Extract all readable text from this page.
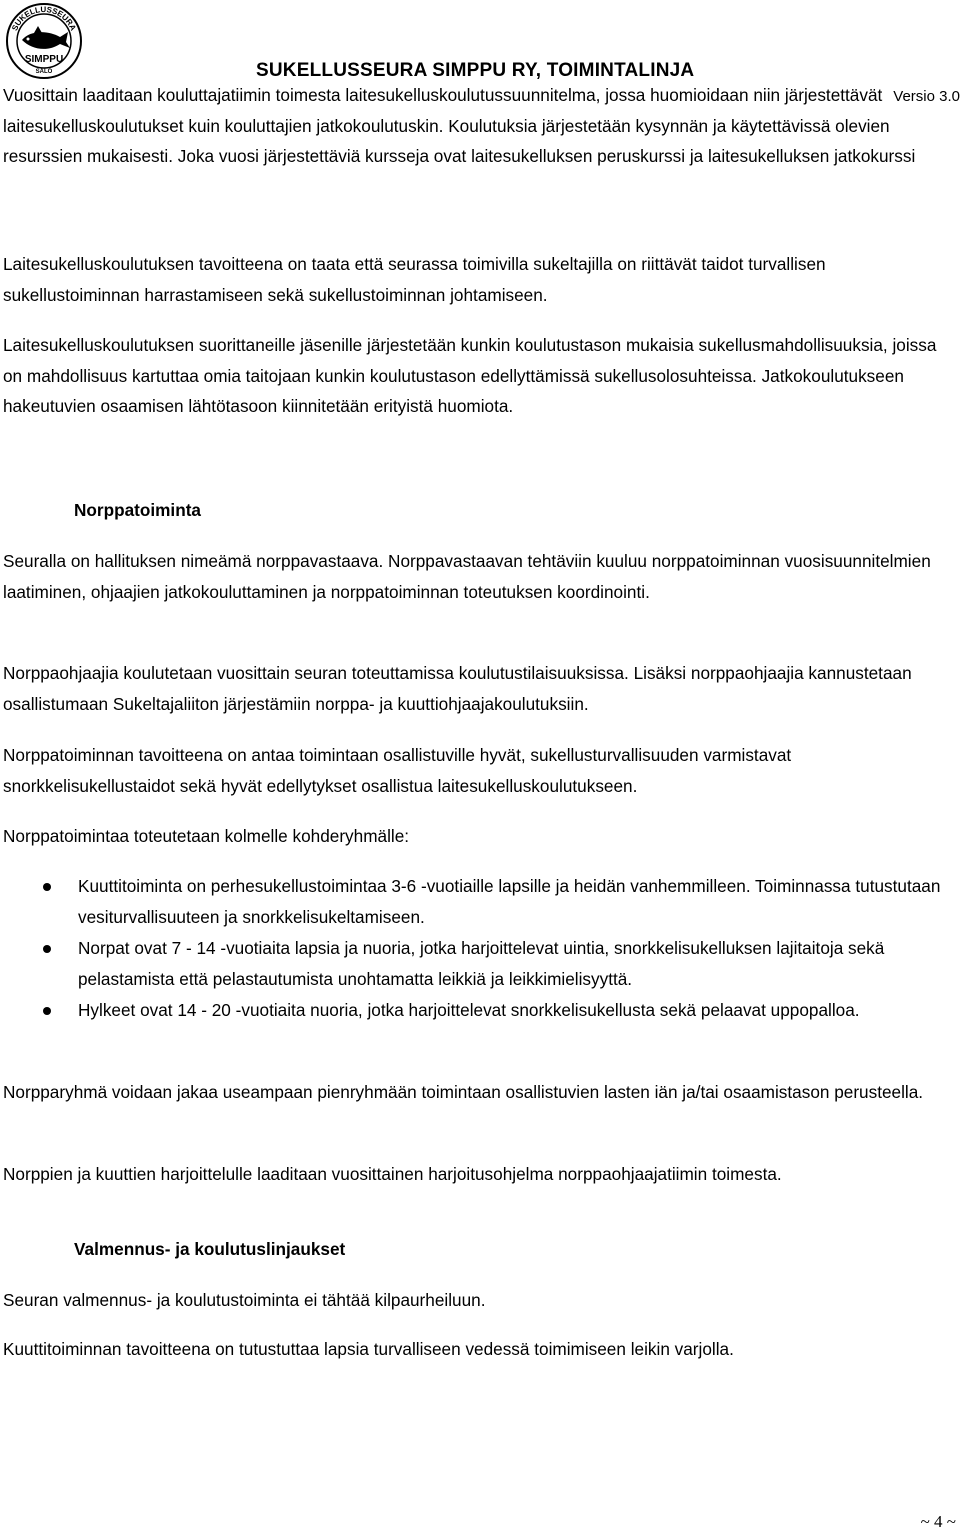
SUKELLUSSEURA
SIMPPU
SALO	SUKELLUSSEURA SIMPPU RY, TOIMINTALINJA
Versio 3.0

Vuosittain laaditaan kouluttajatiimin toimesta laitesukelluskoulutussuunnitelma, jossa huomioidaan niin järjestettävät laitesukelluskoulutukset kuin kouluttajien jatkokoulutuskin. Koulutuksia järjestetään kysynnän ja käytettävissä olevien resurssien mukaisesti. Joka vuosi järjestettäviä kursseja ovat laitesukelluksen peruskurssi ja laitesukelluksen jatkokurssi

Laitesukelluskoulutuksen tavoitteena on taata että seurassa toimivilla sukeltajilla on riittävät taidot turvallisen sukellustoiminnan harrastamiseen sekä sukellustoiminnan johtamiseen.

Laitesukelluskoulutuksen suorittaneille jäsenille järjestetään kunkin koulutustason mukaisia sukellusmahdollisuuksia, joissa on mahdollisuus kartuttaa omia taitojaan kunkin koulutustason edellyttämissä sukellusolosuhteissa. Jatkokoulutukseen hakeutuvien osaamisen lähtötasoon kiinnitetään erityistä huomiota.

Norppatoiminta

Seuralla on hallituksen nimeämä norppavastaava. Norppavastaavan tehtäviin kuuluu norppatoiminnan vuosisuunnitelmien laatiminen, ohjaajien jatkokouluttaminen ja norppatoiminnan toteutuksen koordinointi.

Norppaohjaajia koulutetaan vuosittain seuran toteuttamissa koulutustilaisuuksissa. Lisäksi norppaohjaajia kannustetaan osallistumaan Sukeltajaliiton järjestämiin norppa- ja kuuttiohjaajakoulutuksiin.

Norppatoiminnan tavoitteena on antaa toimintaan osallistuville hyvät, sukellusturvallisuuden varmistavat snorkkelisukellustaidot sekä hyvät edellytykset osallistua laitesukelluskoulutukseen.

Norppatoimintaa toteutetaan kolmelle kohderyhmälle:

Kuuttitoiminta on perhesukellustoimintaa 3-6 -vuotiaille lapsille ja heidän vanhemmilleen. Toiminnassa tutustutaan vesiturvallisuuteen ja snorkkelisukeltamiseen.
Norpat ovat 7 - 14 -vuotiaita lapsia ja nuoria, jotka harjoittelevat uintia, snorkkelisukelluksen lajitaitoja sekä pelastamista että pelastautumista unohtamatta leikkiä ja leikkimielisyyttä.
Hylkeet ovat 14 - 20 -vuotiaita nuoria, jotka harjoittelevat snorkkelisukellusta sekä pelaavat uppopalloa.

Norpparyhmä voidaan jakaa useampaan pienryhmään toimintaan osallistuvien lasten iän ja/tai osaamistason perusteella.

Norppien ja kuuttien harjoittelulle laaditaan vuosittainen harjoitusohjelma norppaohjaajatiimin toimesta.

Valmennus- ja koulutuslinjaukset

Seuran valmennus- ja koulutustoiminta ei tähtää kilpaurheiluun.

Kuuttitoiminnan tavoitteena on tutustuttaa lapsia turvalliseen vedessä toimimiseen leikin varjolla.

~ 4 ~
